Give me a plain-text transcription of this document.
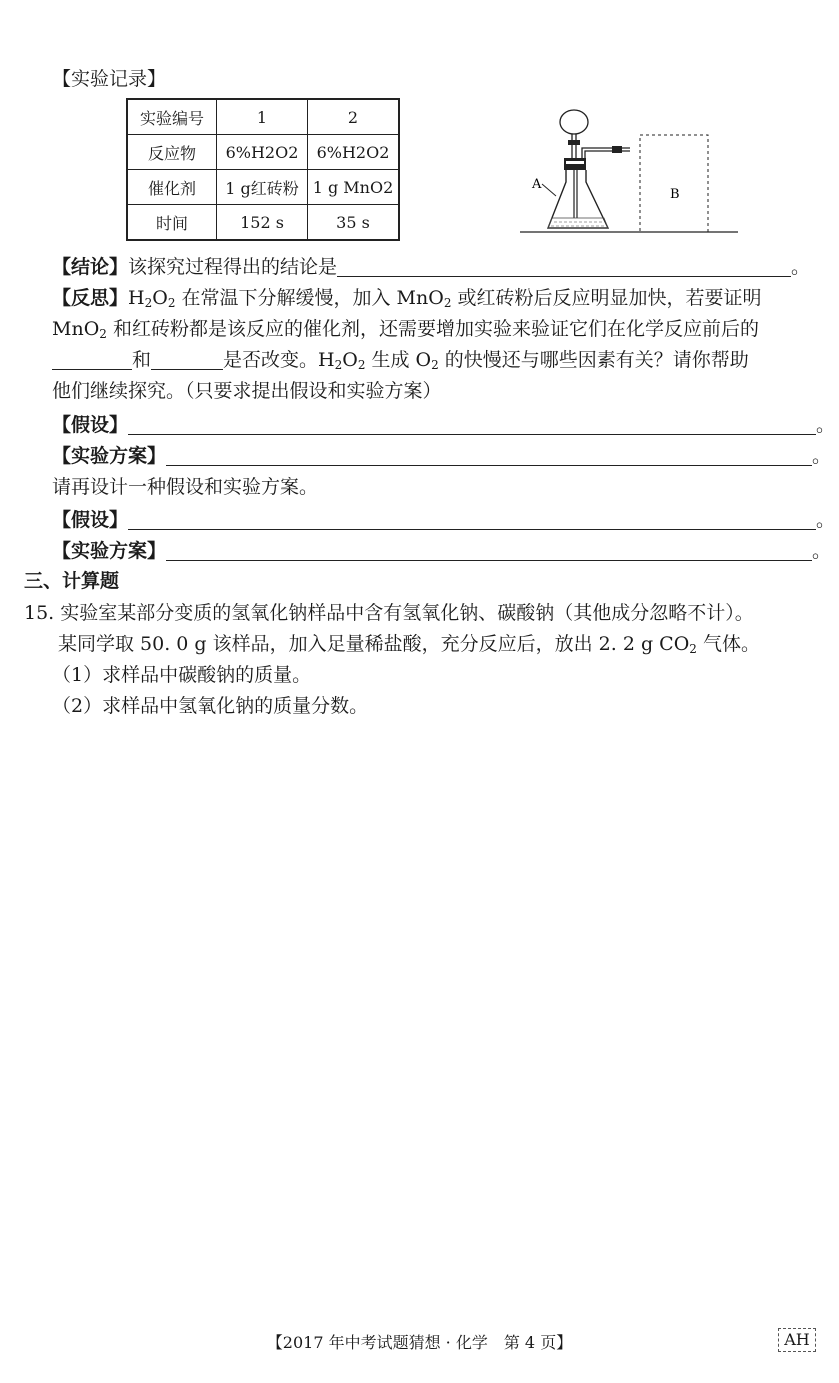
【实验记录】
实验编号	1	2
反应物	6%H2O2	6%H2O2
催化剂	1 g红砖粉	1 g MnO2
时间	152 s	35 s
A
B
【结论】该探究过程得出的结论是	。
【反思】$H_2O_2$ 在常温下分解缓慢，加入 MnO$_2$ 或红砖粉后反应明显加快，若要证明
MnO$_2$ 和红砖粉都是该反应的催化剂，还需要增加实验来验证它们在化学反应前后的
和	是否改变。$H_2O_2$ 生成 $O_2$ 的快慢还与哪些因素有关？请你帮助
他们继续探究。（只要求提出假设和实验方案）
【假设】	。
【实验方案】	。
请再设计一种假设和实验方案。
【假设】	。
【实验方案】	。
三、计算题
15. 实验室某部分变质的氢氧化钠样品中含有氢氧化钠、碳酸钠（其他成分忽略不计）。
某同学取 50. 0 g 该样品，加入足量稀盐酸，充分反应后，放出 2. 2 g $CO_2$ 气体。
（1）求样品中碳酸钠的质量。
（2）求样品中氢氧化钠的质量分数。
【2017 年中考试题猜想 · 化学　第 4 页】	AH
